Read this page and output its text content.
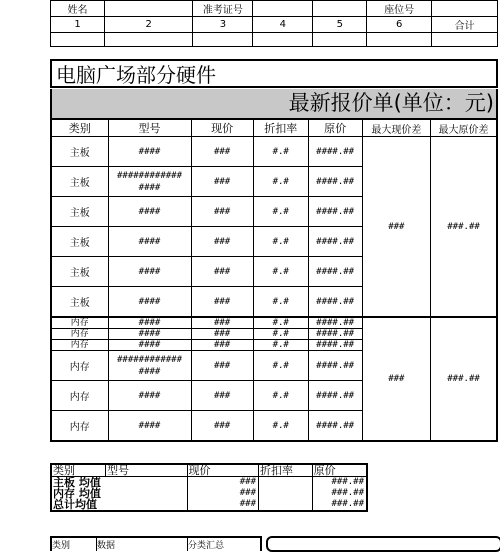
姓名		准考证号			座位号	
1	2	3	4	5	6	合计

电脑广场部分硬件
最新报价单(单位：元)
类别	型号	现价	折扣率	原价	最大现价差	最大原价差
主板	####	###	#.#	####.##	###	###.##
主板	############ ####	###	#.#	####.##		
主板	####	###	#.#	####.##		
主板	####	###	#.#	####.##		
主板	####	###	#.#	####.##		
主板	####	###	#.#	####.##		
内存	####	###	#.#	####.##	###	###.##
内存	####	###	#.#	####.##		
内存	####	###	#.#	####.##		
内存	############ ####	###	#.#	####.##		
内存	####	###	#.#	####.##		
内存	####	###	#.#	####.##		
类别	型号	现价	折扣率	原价
主板 均值		###		###.##
内存 均值		###		###.##
总计均值		###		###.##
类别	数据	分类汇总
